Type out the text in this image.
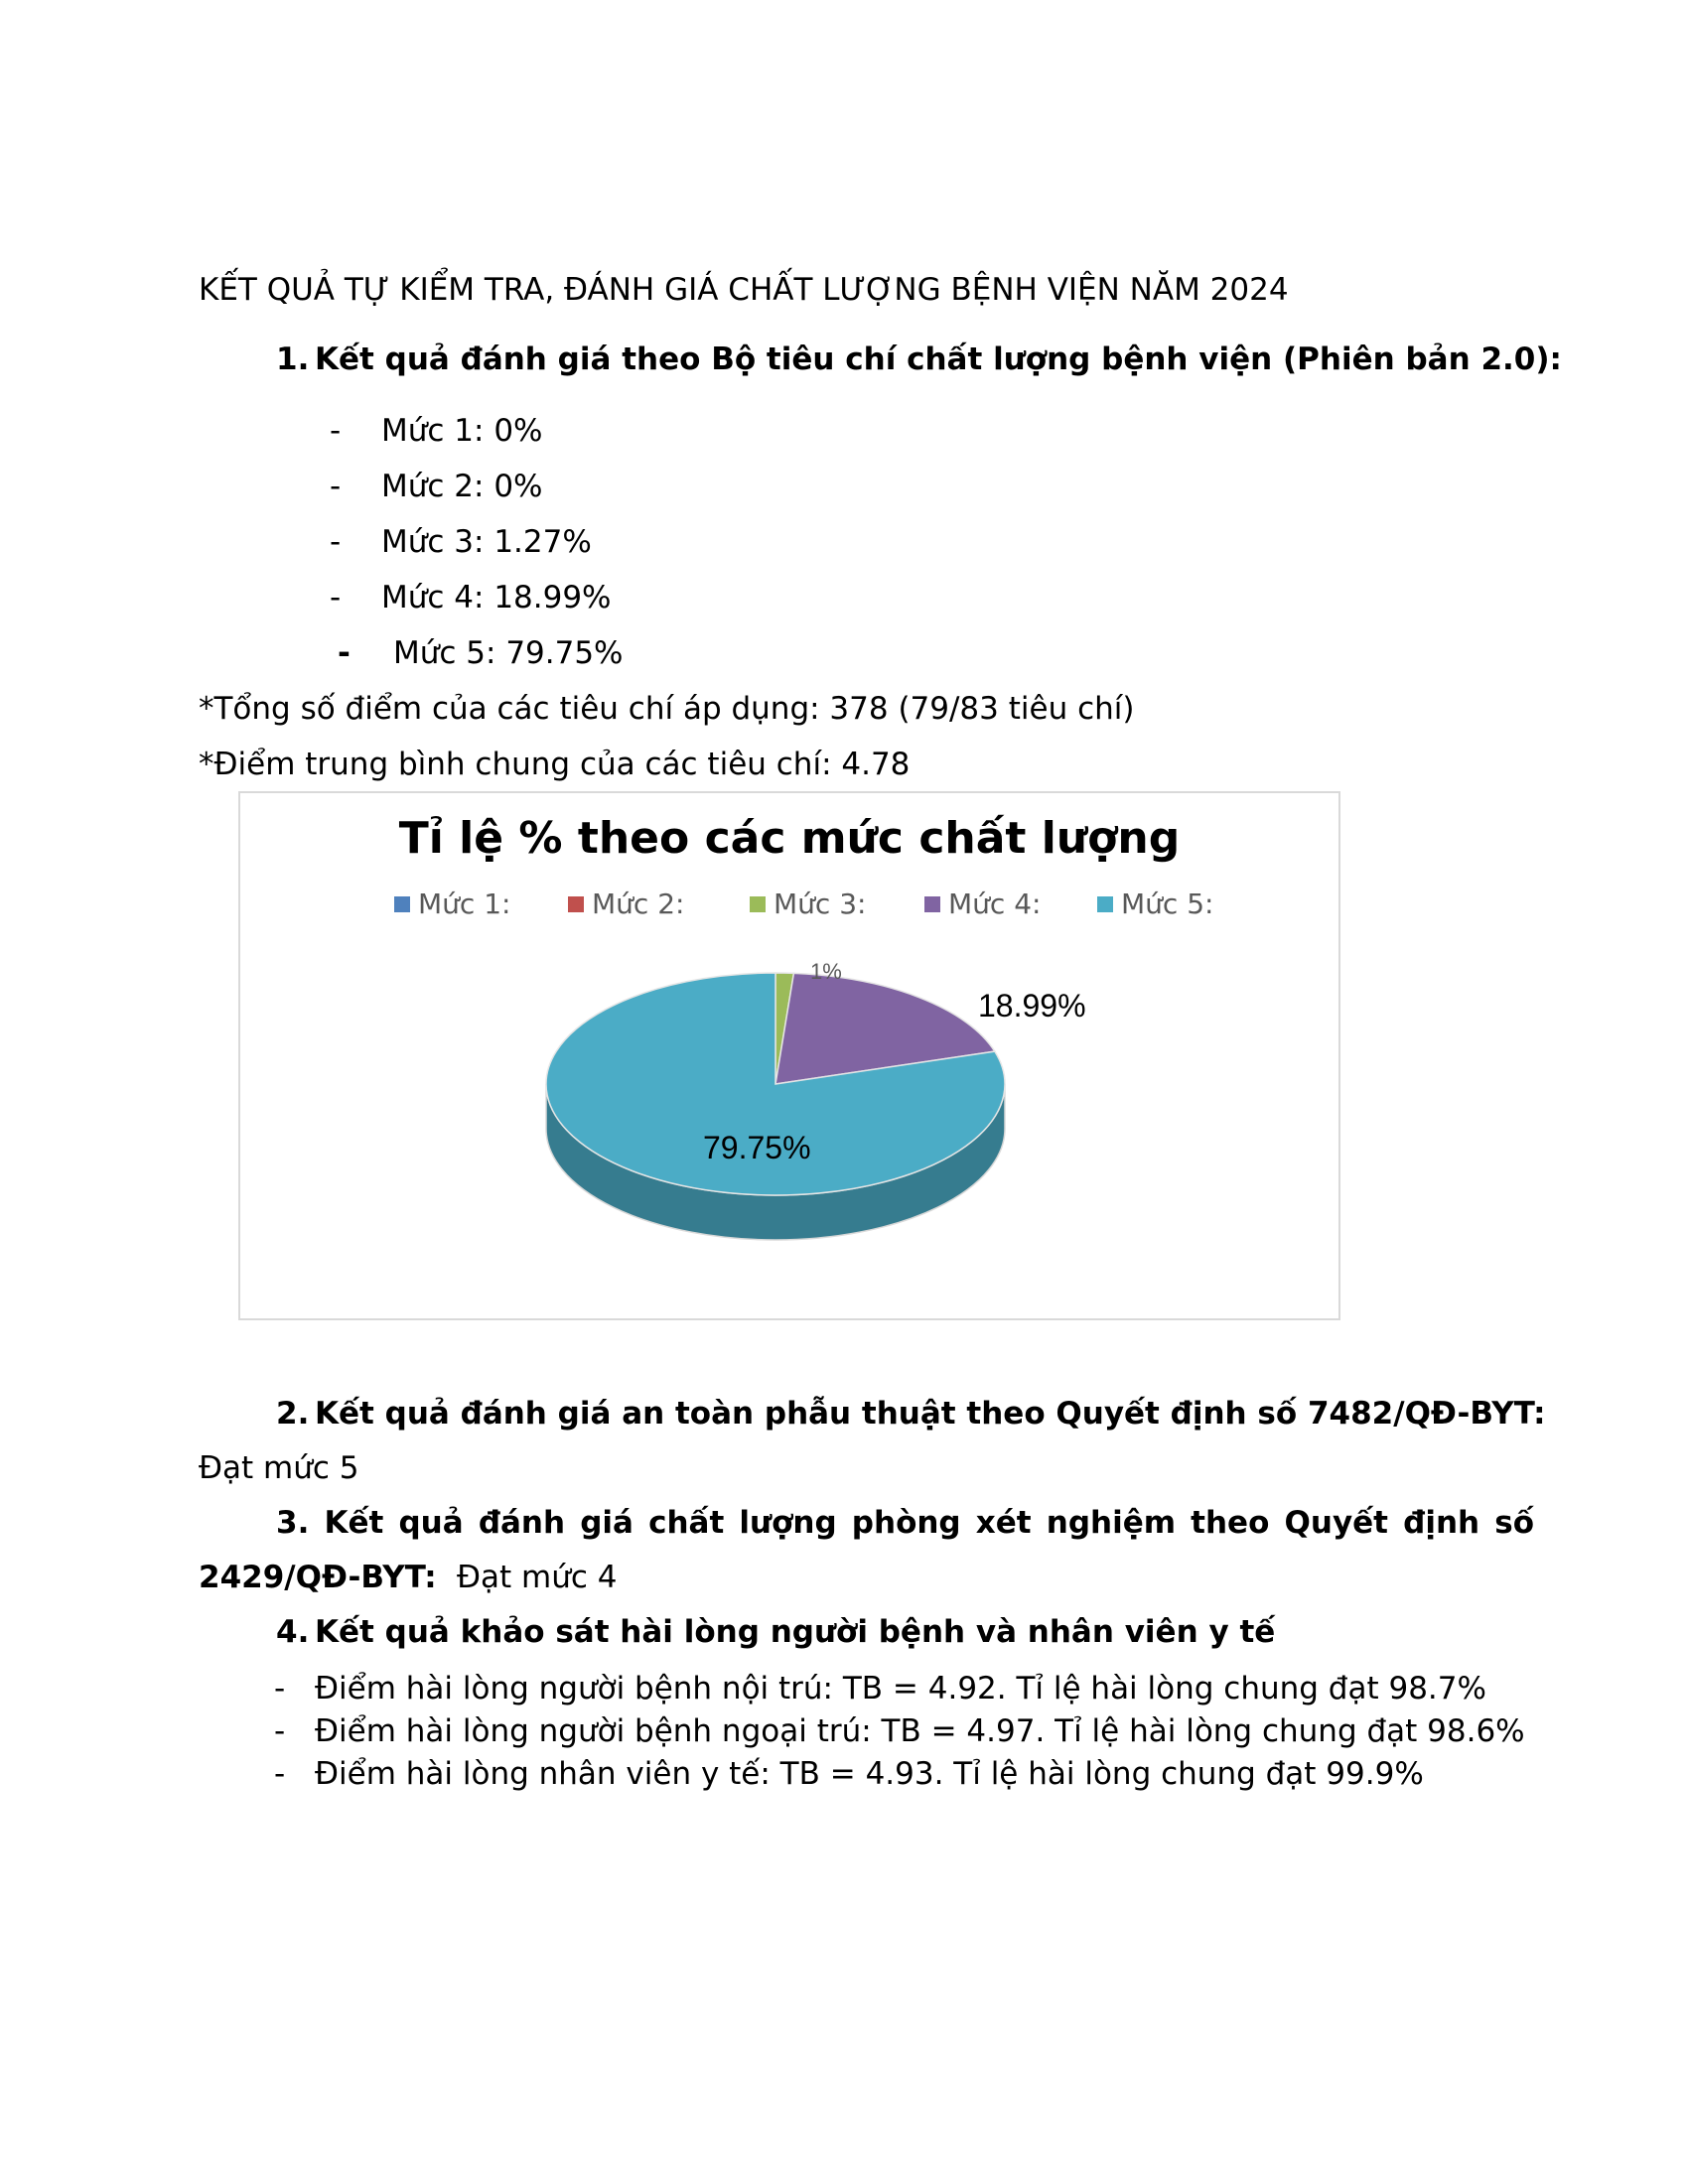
KẾT QUẢ TỰ KIỂM TRA, ĐÁNH GIÁ CHẤT LƯỢNG BỆNH VIỆN NĂM 2024
1. Kết quả đánh giá theo Bộ tiêu chí chất lượng bệnh viện (Phiên bản 2.0):
- Mức 1: 0%
- Mức 2: 0%
- Mức 3: 1.27%
- Mức 4: 18.99%
- Mức 5: 79.75%
*Tổng số điểm của các tiêu chí áp dụng: 378 (79/83 tiêu chí)
*Điểm trung bình chung của các tiêu chí: 4.78
Tỉ lệ % theo các mức chất lượng
Mức 1:	Mức 2:	Mức 3:	Mức 4:	Mức 5:
1%
18.99%
79.75%
2. Kết quả đánh giá an toàn phẫu thuật theo Quyết định số 7482/QĐ-BYT:
Đạt mức 5
3. Kết quả đánh giá chất lượng phòng xét nghiệm theo Quyết định số
2429/QĐ-BYT: Đạt mức 4
4. Kết quả khảo sát hài lòng người bệnh và nhân viên y tế
- Điểm hài lòng người bệnh nội trú: TB = 4.92. Tỉ lệ hài lòng chung đạt 98.7%
- Điểm hài lòng người bệnh ngoại trú: TB = 4.97. Tỉ lệ hài lòng chung đạt 98.6%
- Điểm hài lòng nhân viên y tế: TB = 4.93. Tỉ lệ hài lòng chung đạt 99.9%
